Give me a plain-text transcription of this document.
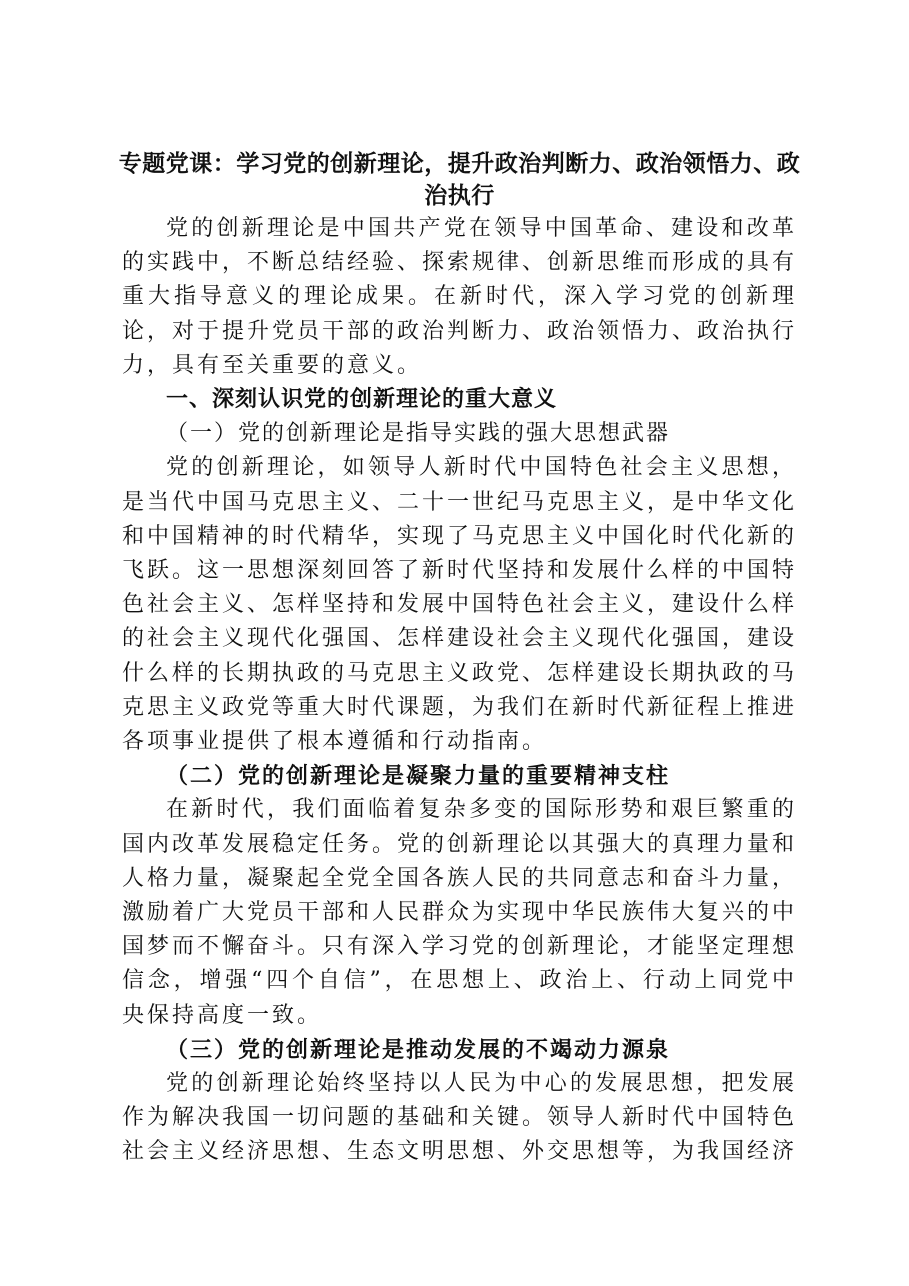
专题党课：学习党的创新理论，提升政治判断力、政治领悟力、政治执行

党的创新理论是中国共产党在领导中国革命、建设和改革的实践中，不断总结经验、探索规律、创新思维而形成的具有重大指导意义的理论成果。在新时代，深入学习党的创新理论，对于提升党员干部的政治判断力、政治领悟力、政治执行力，具有至关重要的意义。

一、深刻认识党的创新理论的重大意义

（一）党的创新理论是指导实践的强大思想武器

党的创新理论，如领导人新时代中国特色社会主义思想，是当代中国马克思主义、二十一世纪马克思主义，是中华文化和中国精神的时代精华，实现了马克思主义中国化时代化新的飞跃。这一思想深刻回答了新时代坚持和发展什么样的中国特色社会主义、怎样坚持和发展中国特色社会主义，建设什么样的社会主义现代化强国、怎样建设社会主义现代化强国，建设什么样的长期执政的马克思主义政党、怎样建设长期执政的马克思主义政党等重大时代课题，为我们在新时代新征程上推进各项事业提供了根本遵循和行动指南。

（二）党的创新理论是凝聚力量的重要精神支柱

在新时代，我们面临着复杂多变的国际形势和艰巨繁重的国内改革发展稳定任务。党的创新理论以其强大的真理力量和人格力量，凝聚起全党全国各族人民的共同意志和奋斗力量，激励着广大党员干部和人民群众为实现中华民族伟大复兴的中国梦而不懈奋斗。只有深入学习党的创新理论，才能坚定理想信念，增强“四个自信”，在思想上、政治上、行动上同党中央保持高度一致。

（三）党的创新理论是推动发展的不竭动力源泉

党的创新理论始终坚持以人民为中心的发展思想，把发展作为解决我国一切问题的基础和关键。领导人新时代中国特色社会主义经济思想、生态文明思想、外交思想等，为我国经济
